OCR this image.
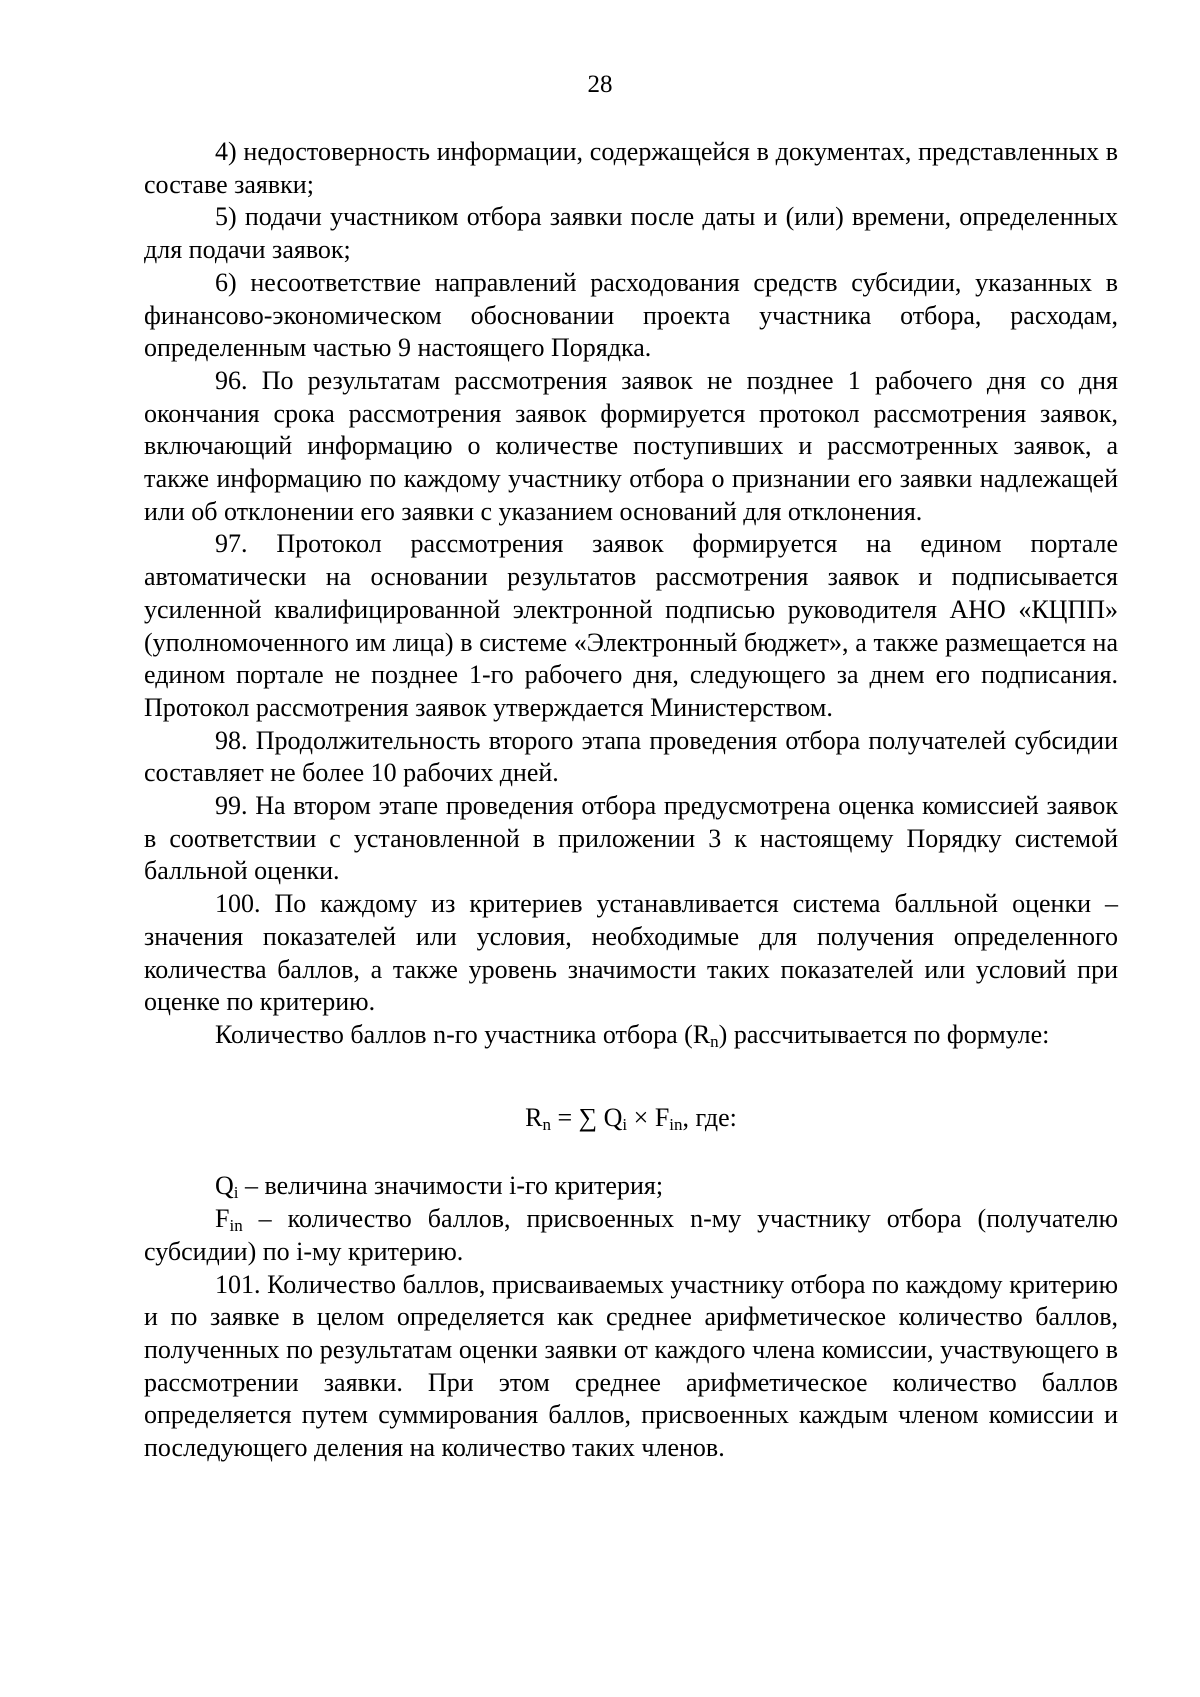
28

4) недостоверность информации, содержащейся в документах, представленных в составе заявки;

5) подачи участником отбора заявки после даты и (или) времени, определенных для подачи заявок;

6) несоответствие направлений расходования средств субсидии, указанных в финансово-экономическом обосновании проекта участника отбора, расходам, определенным частью 9 настоящего Порядка.

96. По результатам рассмотрения заявок не позднее 1 рабочего дня со дня окончания срока рассмотрения заявок формируется протокол рассмотрения заявок, включающий информацию о количестве поступивших и рассмотренных заявок, а также информацию по каждому участнику отбора о признании его заявки надлежащей или об отклонении его заявки с указанием оснований для отклонения.

97. Протокол рассмотрения заявок формируется на едином портале автоматически на основании результатов рассмотрения заявок и подписывается усиленной квалифицированной электронной подписью руководителя АНО «КЦПП» (уполномоченного им лица) в системе «Электронный бюджет», а также размещается на едином портале не позднее 1-го рабочего дня, следующего за днем его подписания. Протокол рассмотрения заявок утверждается Министерством.

98. Продолжительность второго этапа проведения отбора получателей субсидии составляет не более 10 рабочих дней.

99. На втором этапе проведения отбора предусмотрена оценка комиссией заявок в соответствии с установленной в приложении 3 к настоящему Порядку системой балльной оценки.

100. По каждому из критериев устанавливается система балльной оценки – значения показателей или условия, необходимые для получения определенного количества баллов, а также уровень значимости таких показателей или условий при оценке по критерию.

Количество баллов n-го участника отбора $(R_n)$ рассчитывается по формуле:

$R_n$ = ∑ $Q_i \times F_{in}$, где:

$Q_i$ – величина значимости i-го критерия;

$F_{in}$ – количество баллов, присвоенных n-му участнику отбора (получателю субсидии) по i-му критерию.

101. Количество баллов, присваиваемых участнику отбора по каждому критерию и по заявке в целом определяется как среднее арифметическое количество баллов, полученных по результатам оценки заявки от каждого члена комиссии, участвующего в рассмотрении заявки. При этом среднее арифметическое количество баллов определяется путем суммирования баллов, присвоенных каждым членом комиссии и последующего деления на количество таких членов.
